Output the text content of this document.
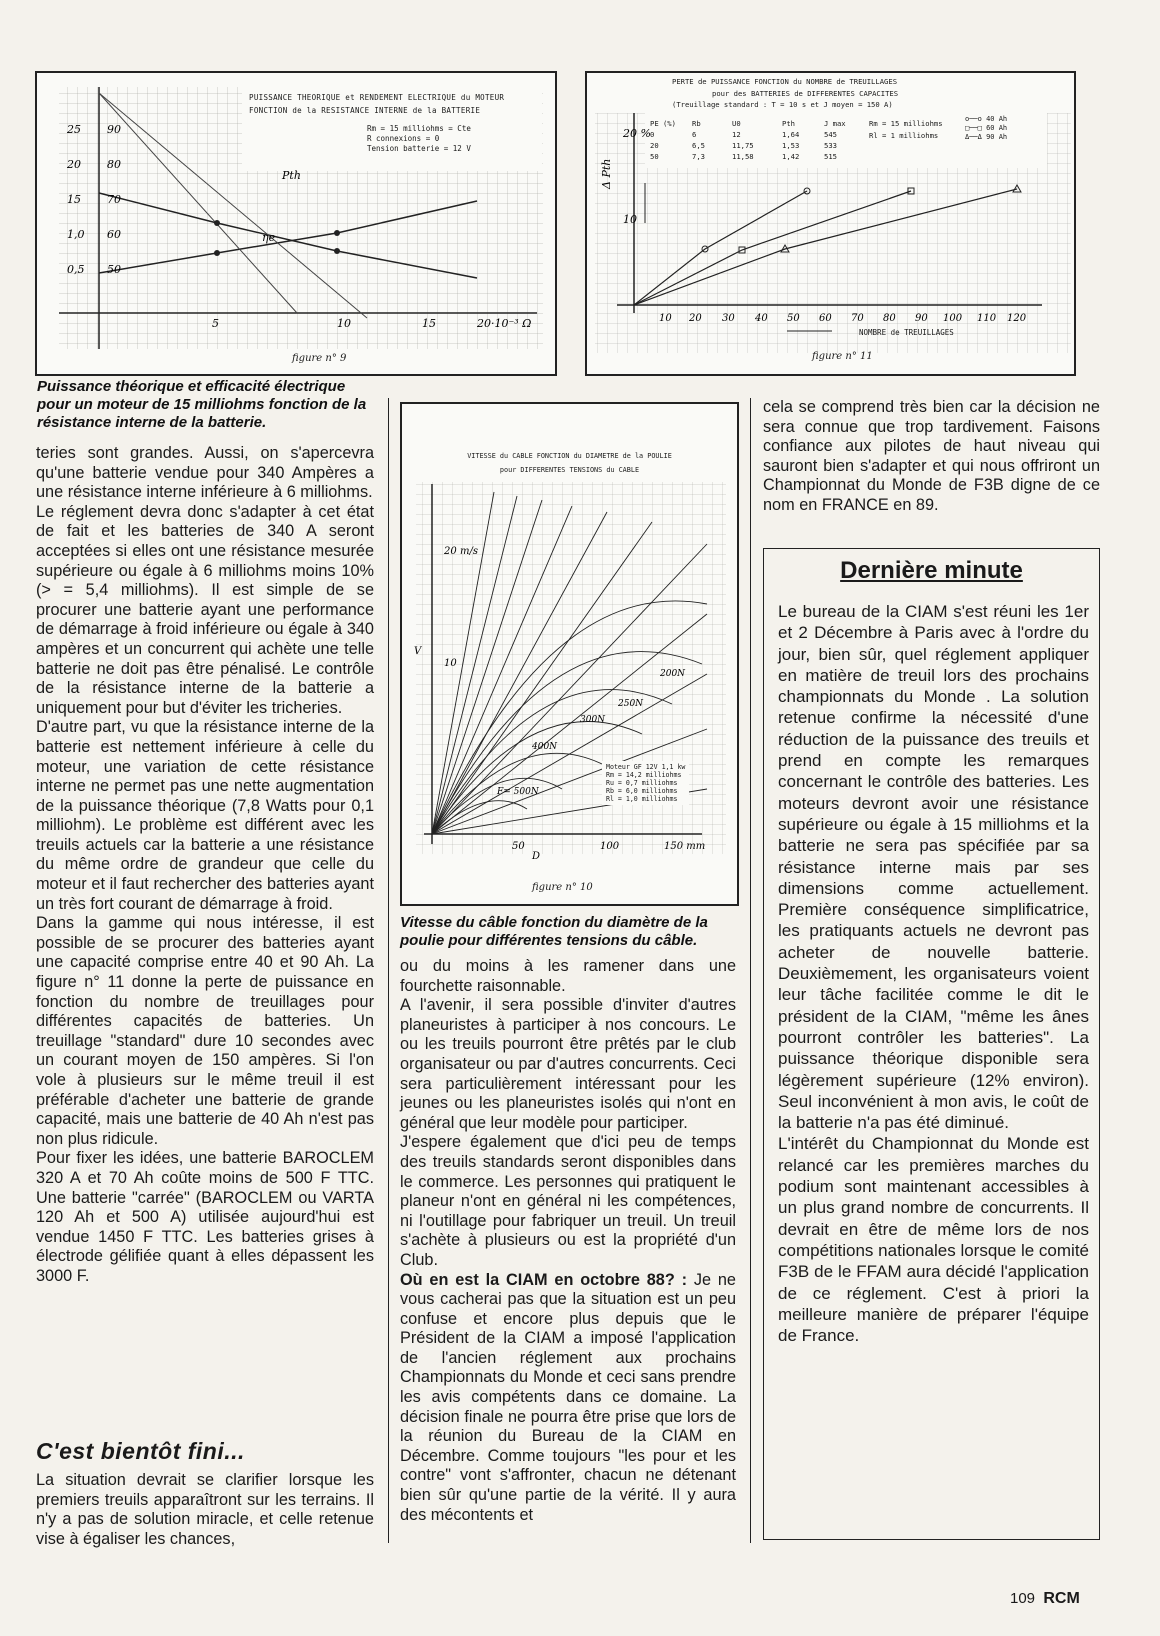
25
20
15
1,0
0,5
90
80
70
60
50
5	10	15	20·10⁻³ Ω
Pth
ηe
PUISSANCE THEORIQUE et RENDEMENT ELECTRIQUE du MOTEUR
FONCTION de la RESISTANCE INTERNE de la BATTERIE
Rm = 15 milliohms = Cte
R connexions = 0
Tension batterie = 12 V
figure n° 9
20 %
Δ Pth
10
10 20 30 40 50 60 70 80 90 100 110 120
PERTE de PUISSANCE FONCTION du NOMBRE de TREUILLAGES
pour des BATTERIES de DIFFERENTES CAPACITES
(Treuillage standard : T = 10 s et J moyen = 150 A)
PE (%)	Rb	U0	Pth	J max
0	6	12	1,64	545
20	6,5	11,75	1,53	533
50	7,3	11,58	1,42	515
Rm = 15 milliohms
Rl = 1 milliohms
o──o 40 Ah
□──□ 60 Ah
Δ──Δ 90 Ah
NOMBRE de TREUILLAGES
figure n° 11
20 m/s
V
10
50	100	150 mm
D
F= 500N
400N
300N
250N
200N
VITESSE du CABLE FONCTION du DIAMETRE de la POULIE
pour DIFFERENTES TENSIONS du CABLE
Moteur GF 12V 1,1 kw
Rm = 14,2 milliohms
Ru = 0,7 milliohms
Rb = 6,0 milliohms
Rl = 1,0 milliohms
figure n° 10
Puissance théorique et efficacité électrique pour un moteur de 15 milliohms fonction de la résistance interne de la batterie.
Vitesse du câble fonction du diamètre de la poulie pour différentes tensions du câble.

teries sont grandes. Aussi, on s'apercevra qu'une batterie vendue pour 340 Ampères a une résistance interne inférieure à 6 milliohms.

Le réglement devra donc s'adapter à cet état de fait et les batteries de 340 A seront acceptées si elles ont une résistance mesurée supérieure ou égale à 6 milliohms moins 10% (> = 5,4 milliohms). Il est simple de se procurer une batterie ayant une performance de démarrage à froid inférieure ou égale à 340 ampères et un concurrent qui achète une telle batterie ne doit pas être pénalisé. Le contrôle de la résistance interne de la batterie a uniquement pour but d'éviter les tricheries.

D'autre part, vu que la résistance interne de la batterie est nettement inférieure à celle du moteur, une variation de cette résistance interne ne permet pas une nette augmentation de la puissance théorique (7,8 Watts pour 0,1 milliohm). Le problème est différent avec les treuils actuels car la batterie a une résistance du même ordre de grandeur que celle du moteur et il faut rechercher des batteries ayant un très fort courant de démarrage à froid.

Dans la gamme qui nous intéresse, il est possible de se procurer des batteries ayant une capacité comprise entre 40 et 90 Ah. La figure n° 11 donne la perte de puissance en fonction du nombre de treuillages pour différentes capacités de batteries. Un treuillage "standard" dure 10 secondes avec un courant moyen de 150 ampères. Si l'on vole à plusieurs sur le même treuil il est préférable d'acheter une batterie de grande capacité, mais une batterie de 40 Ah n'est pas non plus ridicule.

Pour fixer les idées, une batterie BAROCLEM 320 A et 70 Ah coûte moins de 500 F TTC. Une batterie "carrée" (BAROCLEM ou VARTA 120 Ah et 500 A) utilisée aujourd'hui est vendue 1450 F TTC. Les batteries grises à électrode gélifiée quant à elles dépassent les 3000 F.

C'est bientôt fini...

La situation devrait se clarifier lorsque les premiers treuils apparaîtront sur les terrains. Il n'y a pas de solution miracle, et celle retenue vise à égaliser les chances,

ou du moins à les ramener dans une fourchette raisonnable.

A l'avenir, il sera possible d'inviter d'autres planeuristes à participer à nos concours. Le ou les treuils pourront être prêtés par le club organisateur ou par d'autres concurrents. Ceci sera particulièrement intéressant pour les jeunes ou les planeuristes isolés qui n'ont en général que leur modèle pour participer.

J'espere également que d'ici peu de temps des treuils standards seront disponibles dans le commerce. Les personnes qui pratiquent le planeur n'ont en général ni les compétences, ni l'outillage pour fabriquer un treuil. Un treuil s'achète à plusieurs ou est la propriété d'un Club.

Où en est la CIAM en octobre 88? : Je ne vous cacherai pas que la situation est un peu confuse et encore plus depuis que le Président de la CIAM a imposé l'application de l'ancien réglement aux prochains Championnats du Monde et ceci sans prendre les avis compétents dans ce domaine. La décision finale ne pourra être prise que lors de la réunion du Bureau de la CIAM en Décembre. Comme toujours "les pour et les contre" vont s'affronter, chacun ne détenant bien sûr qu'une partie de la vérité. Il y aura des mécontents et

cela se comprend très bien car la décision ne sera connue que trop tardivement. Faisons confiance aux pilotes de haut niveau qui sauront bien s'adapter et qui nous offriront un Championnat du Monde de F3B digne de ce nom en FRANCE en 89.

Dernière minute

Le bureau de la CIAM s'est réuni les 1er et 2 Décembre à Paris avec à l'ordre du jour, bien sûr, quel réglement appliquer en matière de treuil lors des prochains championnats du Monde . La solution retenue confirme la nécessité d'une réduction de la puissance des treuils et prend en compte les remarques concernant le contrôle des batteries. Les moteurs devront avoir une résistance supérieure ou égale à 15 milliohms et la batterie ne sera pas spécifiée par sa résistance interne mais par ses dimensions comme actuellement. Première conséquence simplificatrice, les pratiquants actuels ne devront pas acheter de nouvelle batterie. Deuxièmement, les organisateurs voient leur tâche facilitée comme le dit le président de la CIAM, "même les ânes pourront contrôler les batteries". La puissance théorique disponible sera légèrement supérieure (12% environ). Seul inconvénient à mon avis, le coût de la batterie n'a pas été diminué.

L'intérêt du Championnat du Monde est relancé car les premières marches du podium sont maintenant accessibles à un plus grand nombre de concurrents. Il devrait en être de même lors de nos compétitions nationales lorsque le comité F3B de le FFAM aura décidé l'application de ce réglement. C'est à priori la meilleure manière de préparer l'équipe de France.

109 RCM
